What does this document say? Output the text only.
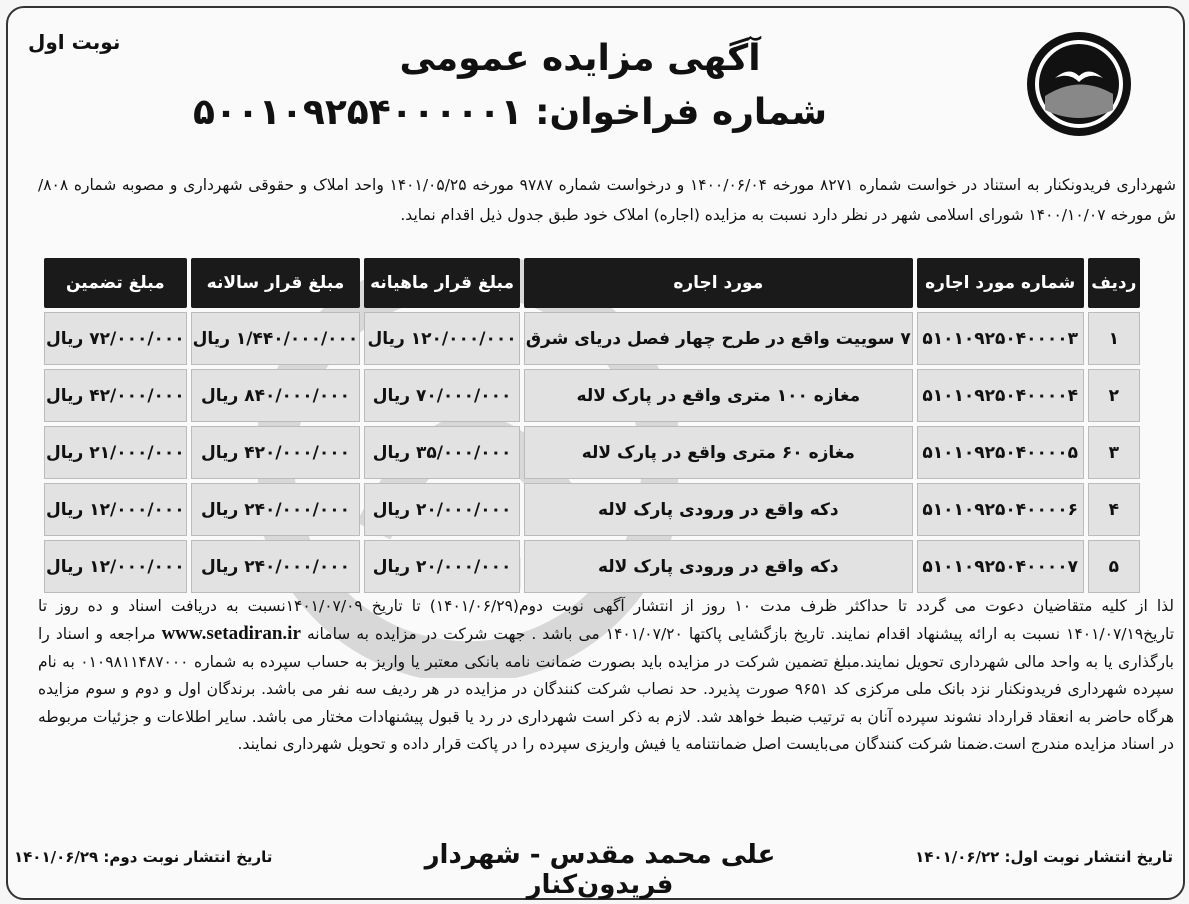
نوبت اول	آگهی مزایده عمومی
شماره فراخوان: ۵۰۰۱۰۹۲۵۴۰۰۰۰۰۱
شهرداری فریدونکنار به استناد در خواست شماره ۸۲۷۱ مورخه ۱۴۰۰/۰۶/۰۴ و درخواست شماره ۹۷۸۷ مورخه ۱۴۰۱/۰۵/۲۵ واحد املاک و حقوقی شهرداری و مصوبه شماره ۸۰۸/ش مورخه ۱۴۰۰/۱۰/۰۷ شورای اسلامی شهر در نظر دارد نسبت به مزایده (اجاره) املاک خود طبق جدول ذیل اقدام نماید.
ردیف	شماره مورد اجاره	مورد اجاره	مبلغ قرار ماهیانه	مبلغ قرار سالانه	مبلغ تضمین
۱	۵۱۰۱۰۹۲۵۰۴۰۰۰۰۳	۷ سوییت واقع در طرح چهار فصل دریای شرق	۱۲۰/۰۰۰/۰۰۰ ریال	۱/۴۴۰/۰۰۰/۰۰۰ ریال	۷۲/۰۰۰/۰۰۰ ریال
۲	۵۱۰۱۰۹۲۵۰۴۰۰۰۰۴	مغازه ۱۰۰ متری واقع در پارک لاله	۷۰/۰۰۰/۰۰۰ ریال	۸۴۰/۰۰۰/۰۰۰ ریال	۴۲/۰۰۰/۰۰۰ ریال
۳	۵۱۰۱۰۹۲۵۰۴۰۰۰۰۵	مغازه ۶۰ متری واقع در پارک لاله	۳۵/۰۰۰/۰۰۰ ریال	۴۲۰/۰۰۰/۰۰۰ ریال	۲۱/۰۰۰/۰۰۰ ریال
۴	۵۱۰۱۰۹۲۵۰۴۰۰۰۰۶	دکه واقع در ورودی پارک لاله	۲۰/۰۰۰/۰۰۰ ریال	۲۴۰/۰۰۰/۰۰۰ ریال	۱۲/۰۰۰/۰۰۰ ریال
۵	۵۱۰۱۰۹۲۵۰۴۰۰۰۰۷	دکه واقع در ورودی پارک لاله	۲۰/۰۰۰/۰۰۰ ریال	۲۴۰/۰۰۰/۰۰۰ ریال	۱۲/۰۰۰/۰۰۰ ریال
لذا از کلیه متقاضیان دعوت می گردد تا حداکثر ظرف مدت ۱۰ روز از انتشار آگهی نوبت دوم(۱۴۰۱/۰۶/۲۹) تا تاریخ ۱۴۰۱/۰۷/۰۹نسبت به دریافت اسناد و ده روز تا تاریخ۱۴۰۱/۰۷/۱۹ نسبت به ارائه پیشنهاد اقدام نمایند. تاریخ بازگشایی پاکتها ۱۴۰۱/۰۷/۲۰ می باشد . جهت شرکت در مزایده به سامانه www.setadiran.ir مراجعه و اسناد را بارگذاری یا به واحد مالی شهرداری تحویل نمایند.مبلغ تضمین شرکت در مزایده باید بصورت ضمانت نامه بانکی معتبر یا واریز به حساب سپرده به شماره ۰۱۰۹۸۱۱۴۸۷۰۰۰ به نام سپرده شهرداری فریدونکنار نزد بانک ملی مرکزی کد ۹۶۵۱ صورت پذیرد. حد نصاب شرکت کنندگان در مزایده در هر ردیف سه نفر می باشد. برندگان اول و دوم و سوم مزایده هرگاه حاضر به انعقاد قرارداد نشوند سپرده آنان به ترتیب ضبط خواهد شد. لازم به ذکر است شهرداری در رد یا قبول پیشنهادات مختار می باشد. سایر اطلاعات و جزئیات مربوطه در اسناد مزایده مندرج است.ضمنا شرکت کنندگان می‌بایست اصل ضمانتنامه یا فیش واریزی سپرده را در پاکت قرار داده و تحویل شهرداری نمایند.
تاریخ انتشار نوبت اول: ۱۴۰۱/۰۶/۲۲
علی محمد مقدس - شهردار فریدون‌کنار
تاریخ انتشار نوبت دوم: ۱۴۰۱/۰۶/۲۹
